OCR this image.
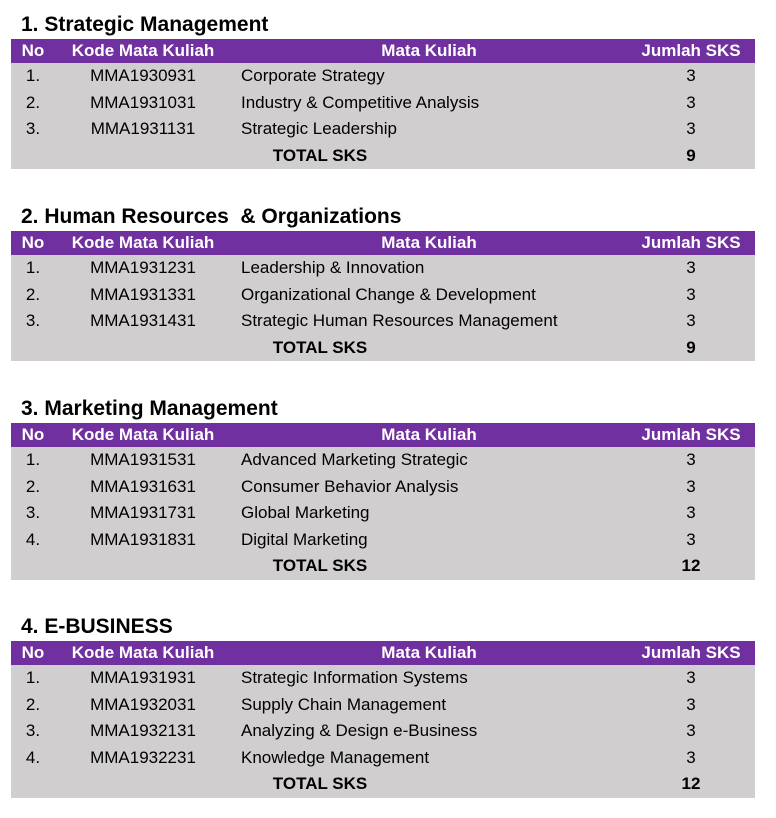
1. Strategic Management
No	Kode Mata Kuliah	Mata Kuliah	Jumlah SKS
1.	MMA1930931	Corporate Strategy	3
2.	MMA1931031	Industry & Competitive Analysis	3
3.	MMA1931131	Strategic Leadership	3
TOTAL SKS	9
2. Human Resources  & Organizations
No	Kode Mata Kuliah	Mata Kuliah	Jumlah SKS
1.	MMA1931231	Leadership & Innovation	3
2.	MMA1931331	Organizational Change & Development	3
3.	MMA1931431	Strategic Human Resources Management	3
TOTAL SKS	9
3. Marketing Management
No	Kode Mata Kuliah	Mata Kuliah	Jumlah SKS
1.	MMA1931531	Advanced Marketing Strategic	3
2.	MMA1931631	Consumer Behavior Analysis	3
3.	MMA1931731	Global Marketing	3
4.	MMA1931831	Digital Marketing	3
TOTAL SKS	12
4. E-BUSINESS
No	Kode Mata Kuliah	Mata Kuliah	Jumlah SKS
1.	MMA1931931	Strategic Information Systems	3
2.	MMA1932031	Supply Chain Management	3
3.	MMA1932131	Analyzing & Design e-Business	3
4.	MMA1932231	Knowledge Management	3
TOTAL SKS	12
